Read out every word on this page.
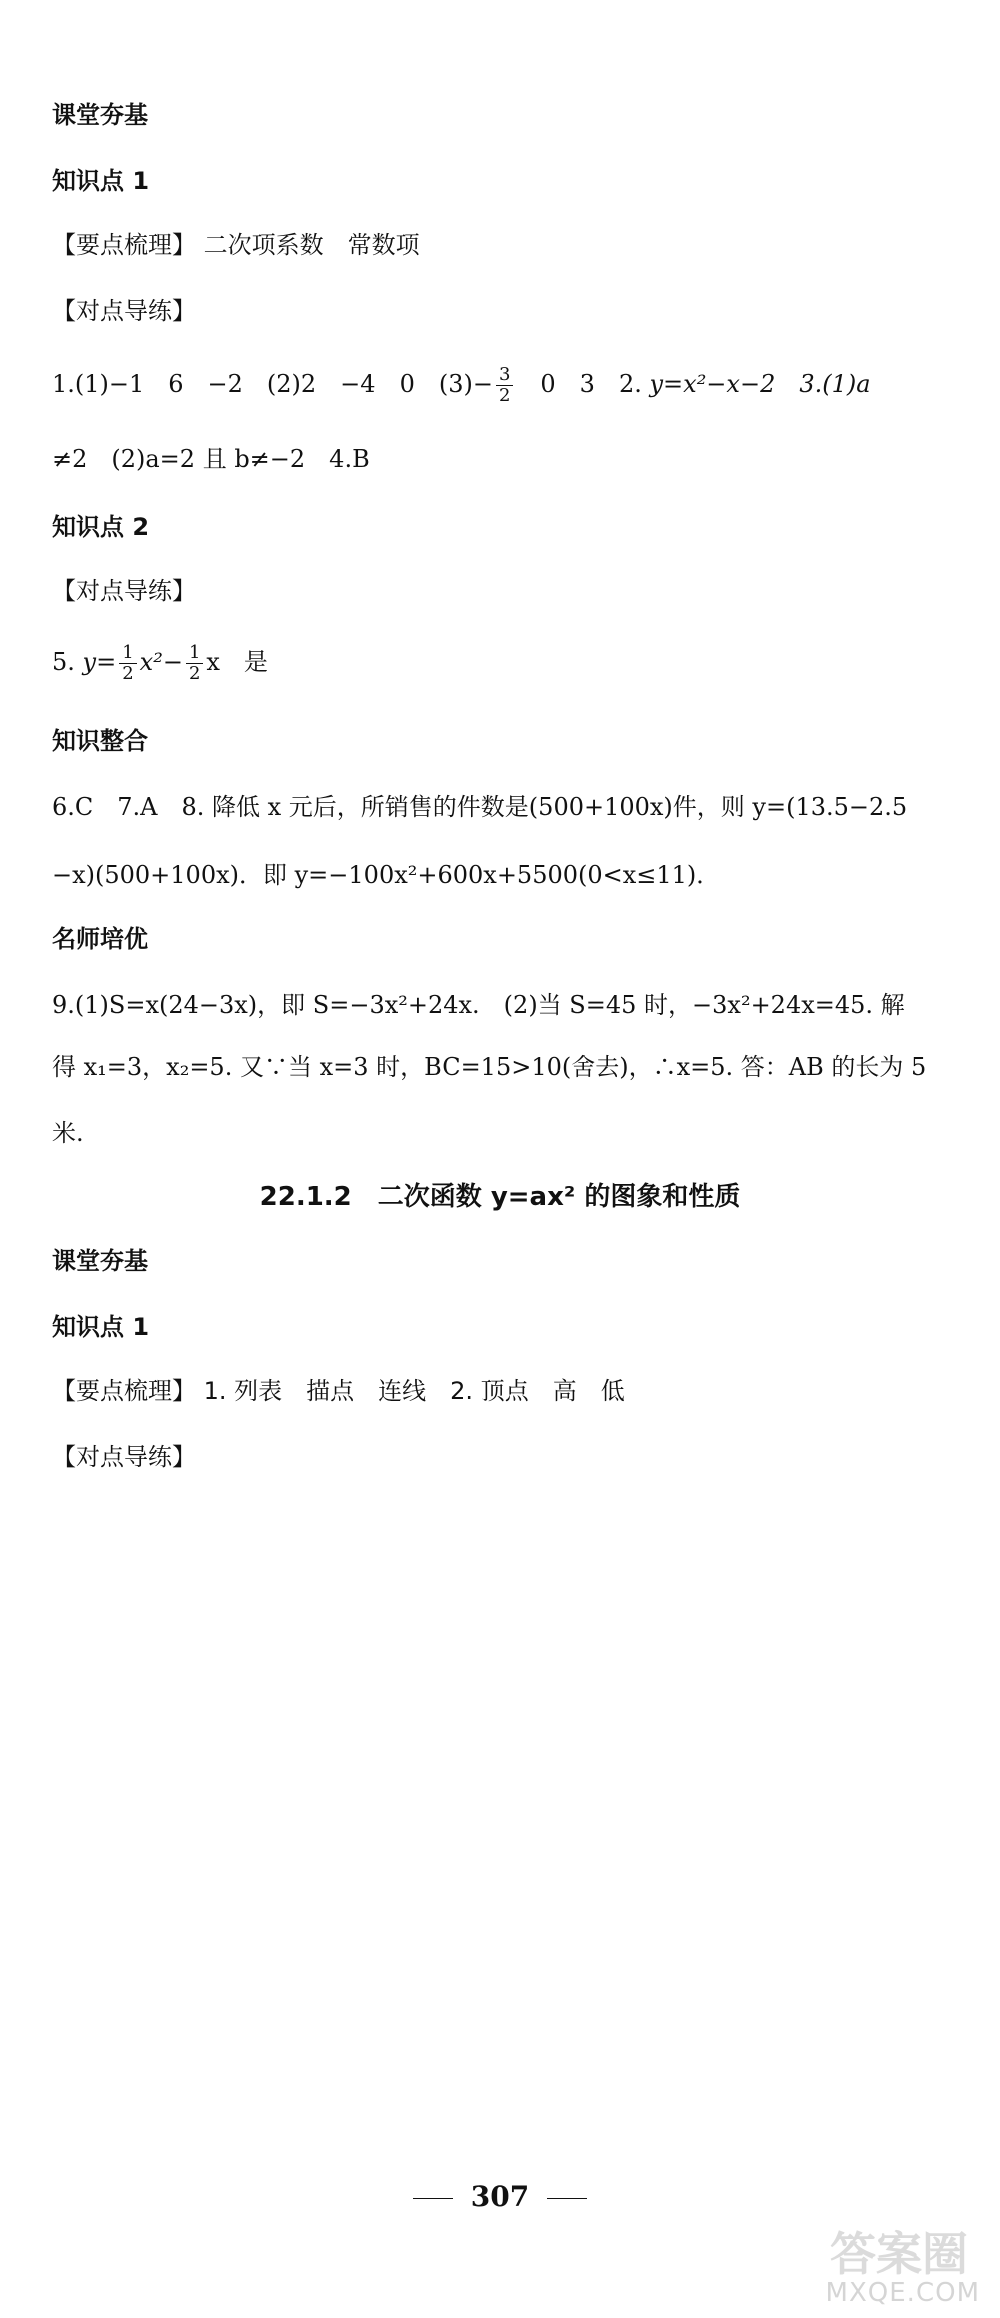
课堂夯基
知识点 1
【要点梳理】 二次项系数　常数项
【对点导练】
1.(1)−1　6　−2　(2)2　−4　0　$(3)- \frac{3}{2}$ 　0　3　2. y=x²−x−2　3.(1)a
≠2　(2)a=2 且 b≠−2　4.B
知识点 2
【对点导练】
5. $y= \frac{1}{2} x^2- \frac{1}{2}$ x　是
知识整合
6.C　7.A　8. 降低 x 元后，所销售的件数是(500+100x)件，则 y=(13.5−2.5
−x)(500+100x)．即 y=−100x²+600x+5500(0<x≤11)．
名师培优
9.(1)S=x(24−3x)，即 S=−3x²+24x.　(2)当 S=45 时，−3x²+24x=45. 解
得 x₁=3，x₂=5. 又∵当 x=3 时，BC=15>10(舍去)，∴x=5. 答：AB 的长为 5
米.
22.1.2　二次函数 y=ax² 的图象和性质
课堂夯基
知识点 1
【要点梳理】 1. 列表　描点　连线　2. 顶点　高　低
【对点导练】
307
答案圈
MXQE.COM
